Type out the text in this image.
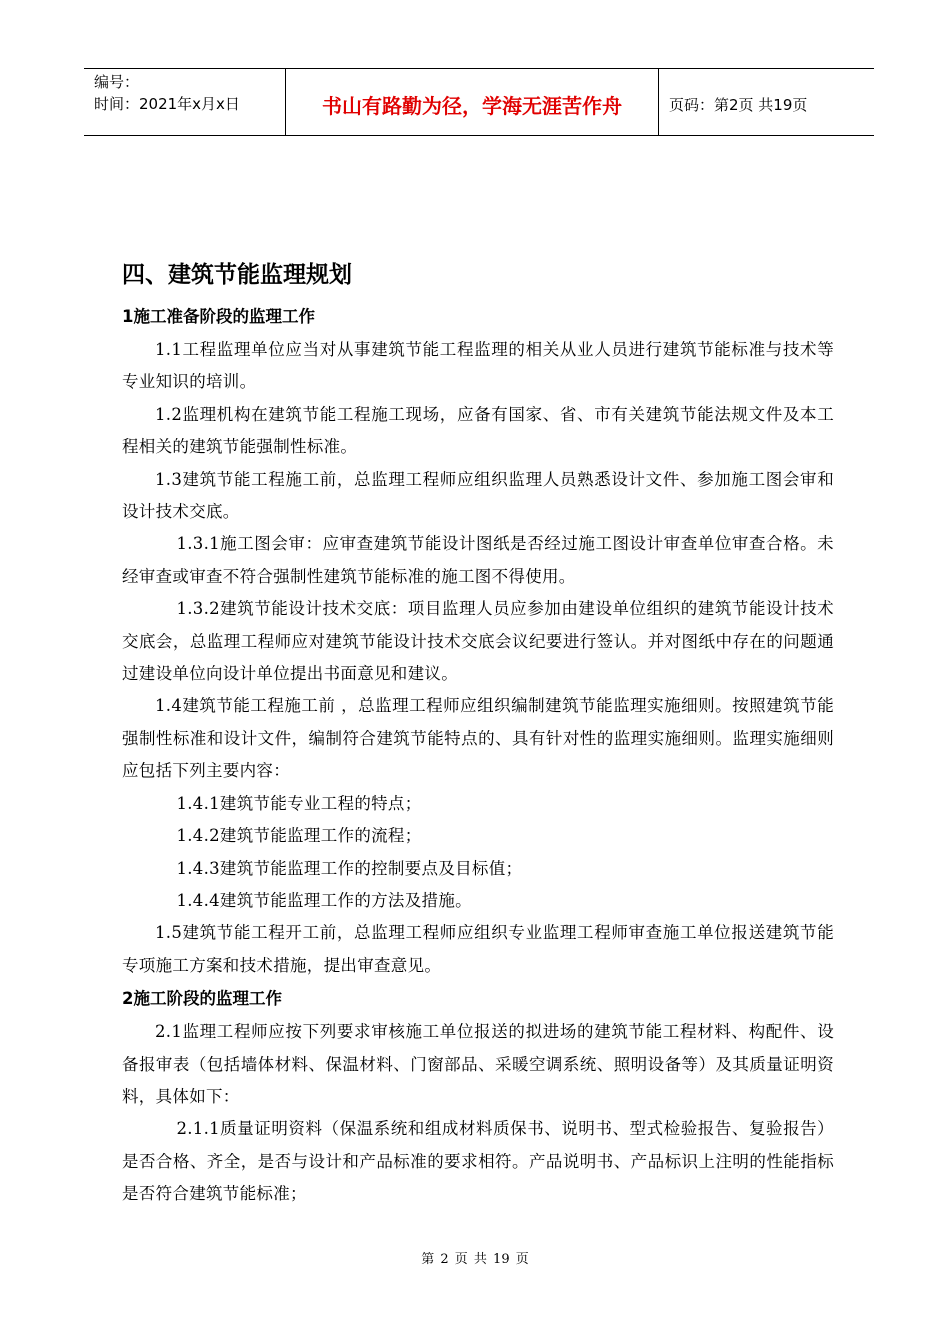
编号：
时间：2021年x月x日	书山有路勤为径，学海无涯苦作舟	页码：第2页 共19页
四、建筑节能监理规划
1施工准备阶段的监理工作

1.1工程监理单位应当对从事建筑节能工程监理的相关从业人员进行建筑节能标准与技术等专业知识的培训。

1.2监理机构在建筑节能工程施工现场，应备有国家、省、市有关建筑节能法规文件及本工程相关的建筑节能强制性标准。

1.3建筑节能工程施工前，总监理工程师应组织监理人员熟悉设计文件、参加施工图会审和设计技术交底。

1.3.1施工图会审：应审查建筑节能设计图纸是否经过施工图设计审查单位审查合格。未经审查或审查不符合强制性建筑节能标准的施工图不得使用。

1.3.2建筑节能设计技术交底：项目监理人员应参加由建设单位组织的建筑节能设计技术交底会，总监理工程师应对建筑节能设计技术交底会议纪要进行签认。并对图纸中存在的问题通过建设单位向设计单位提出书面意见和建议。

1.4建筑节能工程施工前 ，总监理工程师应组织编制建筑节能监理实施细则。按照建筑节能强制性标准和设计文件，编制符合建筑节能特点的、具有针对性的监理实施细则。监理实施细则应包括下列主要内容：

1.4.1建筑节能专业工程的特点；

1.4.2建筑节能监理工作的流程；

1.4.3建筑节能监理工作的控制要点及目标值；

1.4.4建筑节能监理工作的方法及措施。

1.5建筑节能工程开工前，总监理工程师应组织专业监理工程师审查施工单位报送建筑节能专项施工方案和技术措施，提出审查意见。

2施工阶段的监理工作

2.1监理工程师应按下列要求审核施工单位报送的拟进场的建筑节能工程材料、构配件、设备报审表（包括墙体材料、保温材料、门窗部品、采暖空调系统、照明设备等）及其质量证明资料，具体如下：

2.1.1质量证明资料（保温系统和组成材料质保书、说明书、型式检验报告、复验报告）是否合格、齐全，是否与设计和产品标准的要求相符。产品说明书、产品标识上注明的性能指标是否符合建筑节能标准；

第 2 页 共 19 页
